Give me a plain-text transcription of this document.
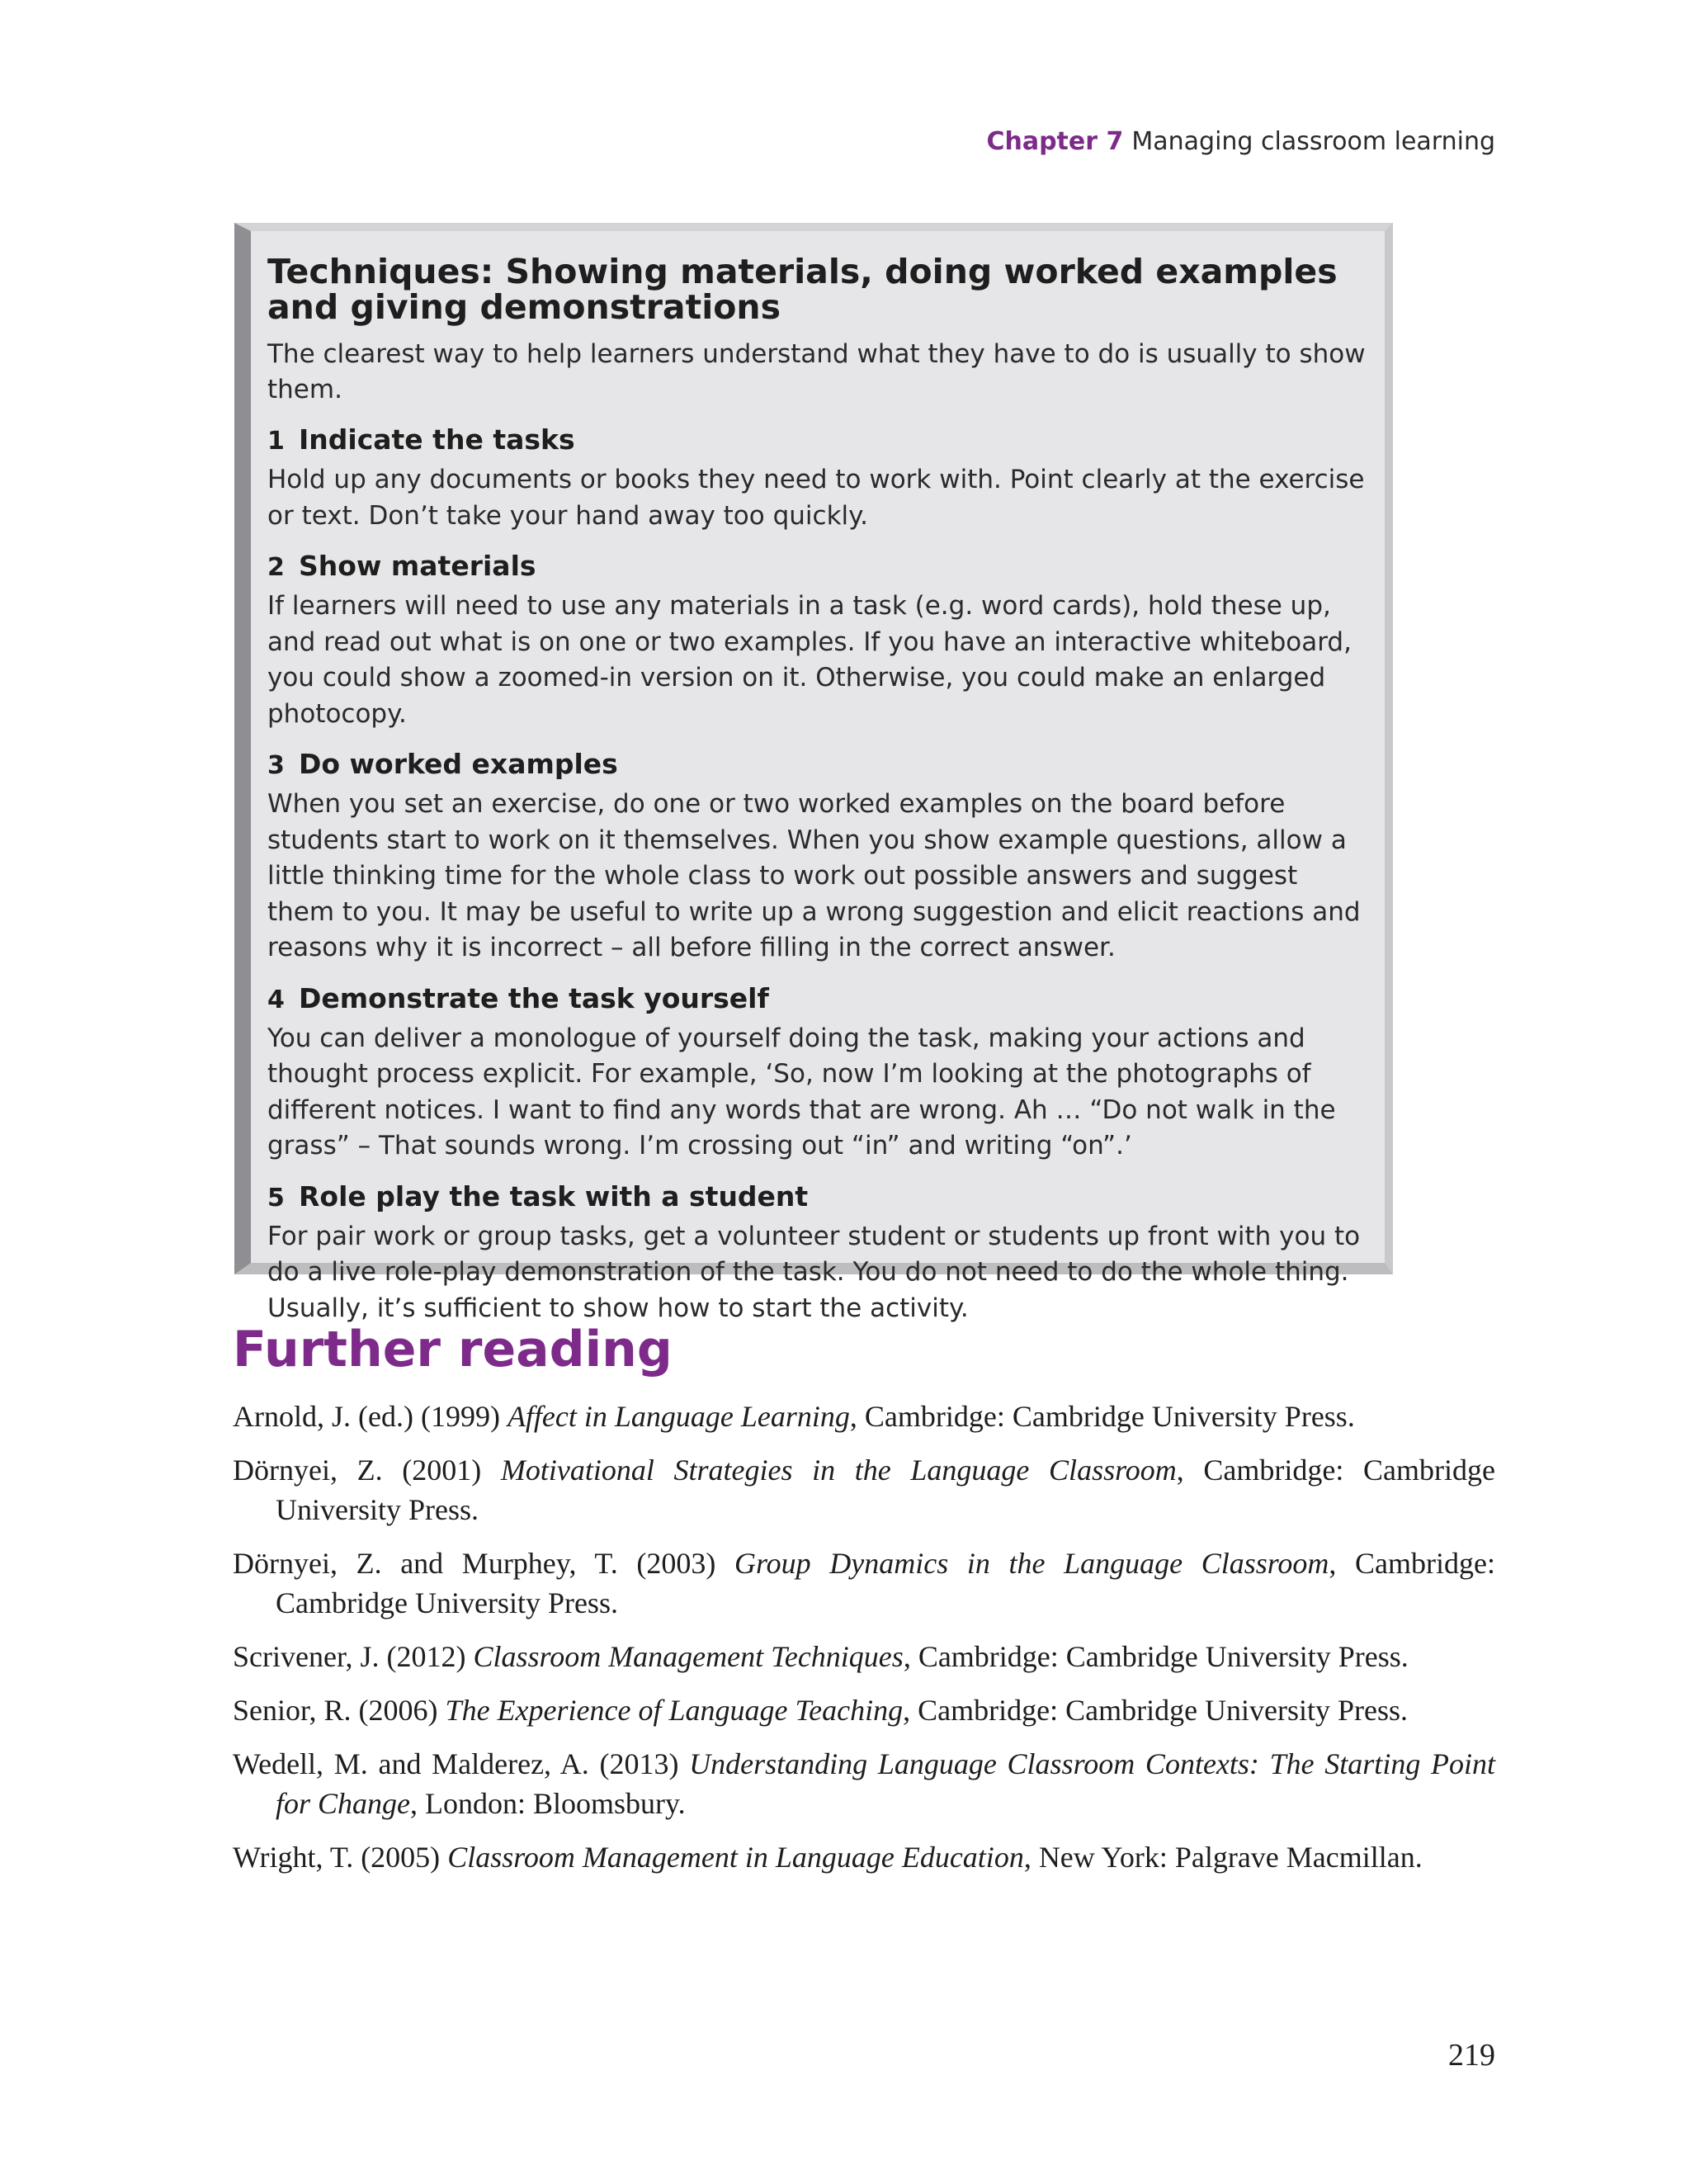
Chapter 7 Managing classroom learning
Techniques: Showing materials, doing worked examples and giving demonstrations

The clearest way to help learners understand what they have to do is usually to show them.

1 Indicate the tasks

Hold up any documents or books they need to work with. Point clearly at the exercise or text. Don’t take your hand away too quickly.

2 Show materials

If learners will need to use any materials in a task (e.g. word cards), hold these up, and read out what is on one or two examples. If you have an interactive whiteboard, you could show a zoomed-in version on it. Otherwise, you could make an enlarged photocopy.

3 Do worked examples

When you set an exercise, do one or two worked examples on the board before students start to work on it themselves. When you show example questions, allow a little thinking time for the whole class to work out possible answers and suggest them to you. It may be useful to write up a wrong suggestion and elicit reactions and reasons why it is incorrect – all before filling in the correct answer.

4 Demonstrate the task yourself

You can deliver a monologue of yourself doing the task, making your actions and thought process explicit. For example, ‘So, now I’m looking at the photographs of different notices. I want to find any words that are wrong. Ah … “Do not walk in the grass” – That sounds wrong. I’m crossing out “in” and writing “on”.’

5 Role play the task with a student

For pair work or group tasks, get a volunteer student or students up front with you to do a live role-play demonstration of the task. You do not need to do the whole thing. Usually, it’s sufficient to show how to start the activity.

Further reading
Arnold, J. (ed.) (1999) Affect in Language Learning, Cambridge: Cambridge University Press.
Dörnyei, Z. (2001) Motivational Strategies in the Language Classroom, Cambridge: Cambridge University Press.
Dörnyei, Z. and Murphey, T. (2003) Group Dynamics in the Language Classroom, Cambridge: Cambridge University Press.
Scrivener, J. (2012) Classroom Management Techniques, Cambridge: Cambridge University Press.
Senior, R. (2006) The Experience of Language Teaching, Cambridge: Cambridge University Press.
Wedell, M. and Malderez, A. (2013) Understanding Language Classroom Contexts: The Starting Point for Change, London: Bloomsbury.
Wright, T. (2005) Classroom Management in Language Education, New York: Palgrave Macmillan.
219
